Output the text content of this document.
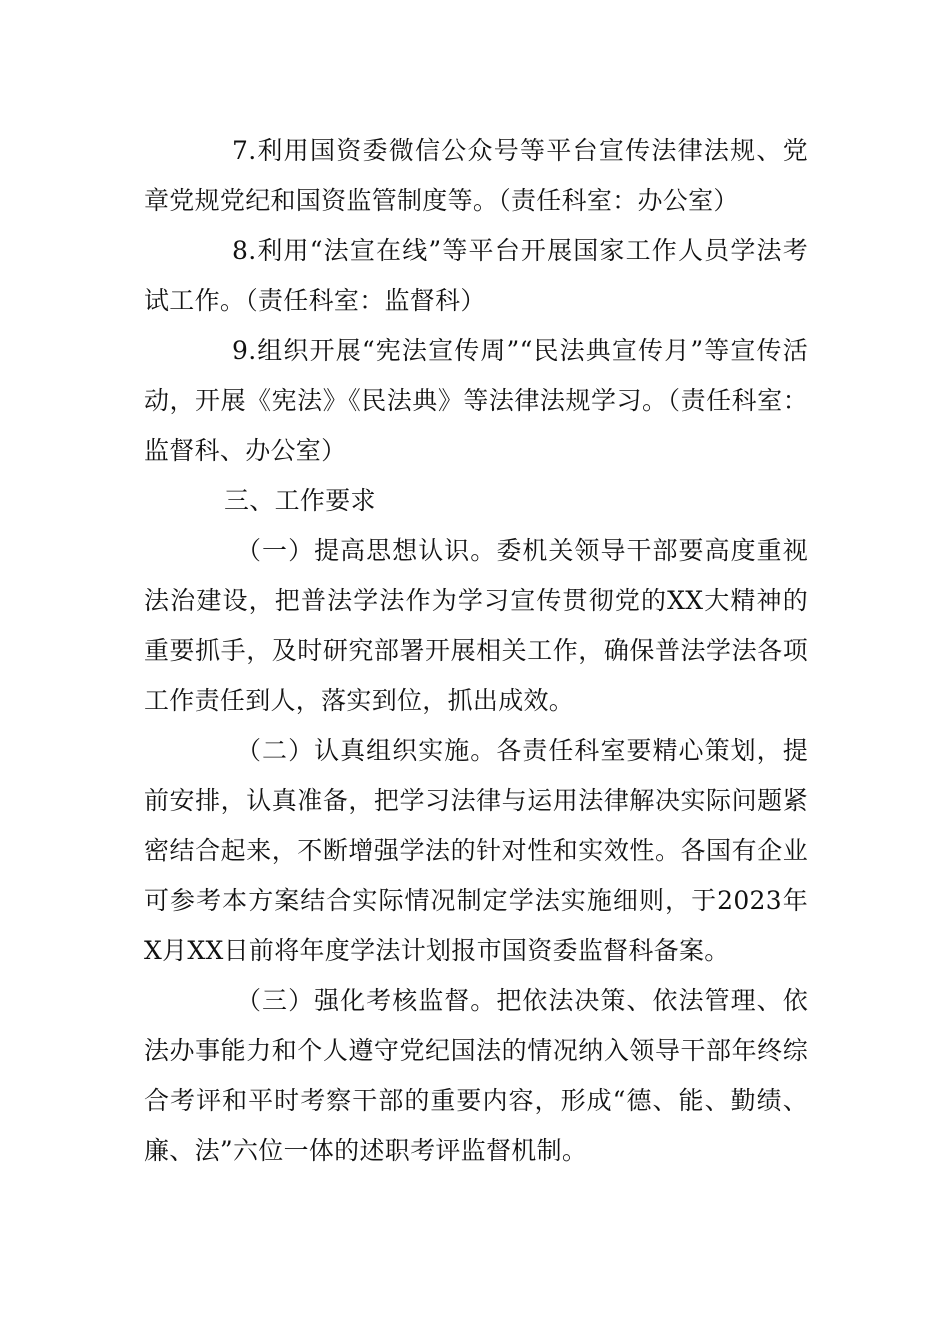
7.利用国资委微信公众号等平台宣传法律法规、党章党规党纪和国资监管制度等。（责任科室：办公室）

8.利用“法宣在线”等平台开展国家工作人员学法考试工作。（责任科室：监督科）

9.组织开展“宪法宣传周”“民法典宣传月”等宣传活动，开展《宪法》《民法典》等法律法规学习。（责任科室：监督科、办公室）

三、工作要求

（一）提高思想认识。委机关领导干部要高度重视法治建设，把普法学法作为学习宣传贯彻党的XX大精神的重要抓手，及时研究部署开展相关工作，确保普法学法各项工作责任到人，落实到位，抓出成效。

（二）认真组织实施。各责任科室要精心策划，提前安排，认真准备，把学习法律与运用法律解决实际问题紧密结合起来，不断增强学法的针对性和实效性。各国有企业可参考本方案结合实际情况制定学法实施细则，于2023年X月XX日前将年度学法计划报市国资委监督科备案。

（三）强化考核监督。把依法决策、依法管理、依法办事能力和个人遵守党纪国法的情况纳入领导干部年终综合考评和平时考察干部的重要内容，形成“德、能、勤绩、廉、法”六位一体的述职考评监督机制。
